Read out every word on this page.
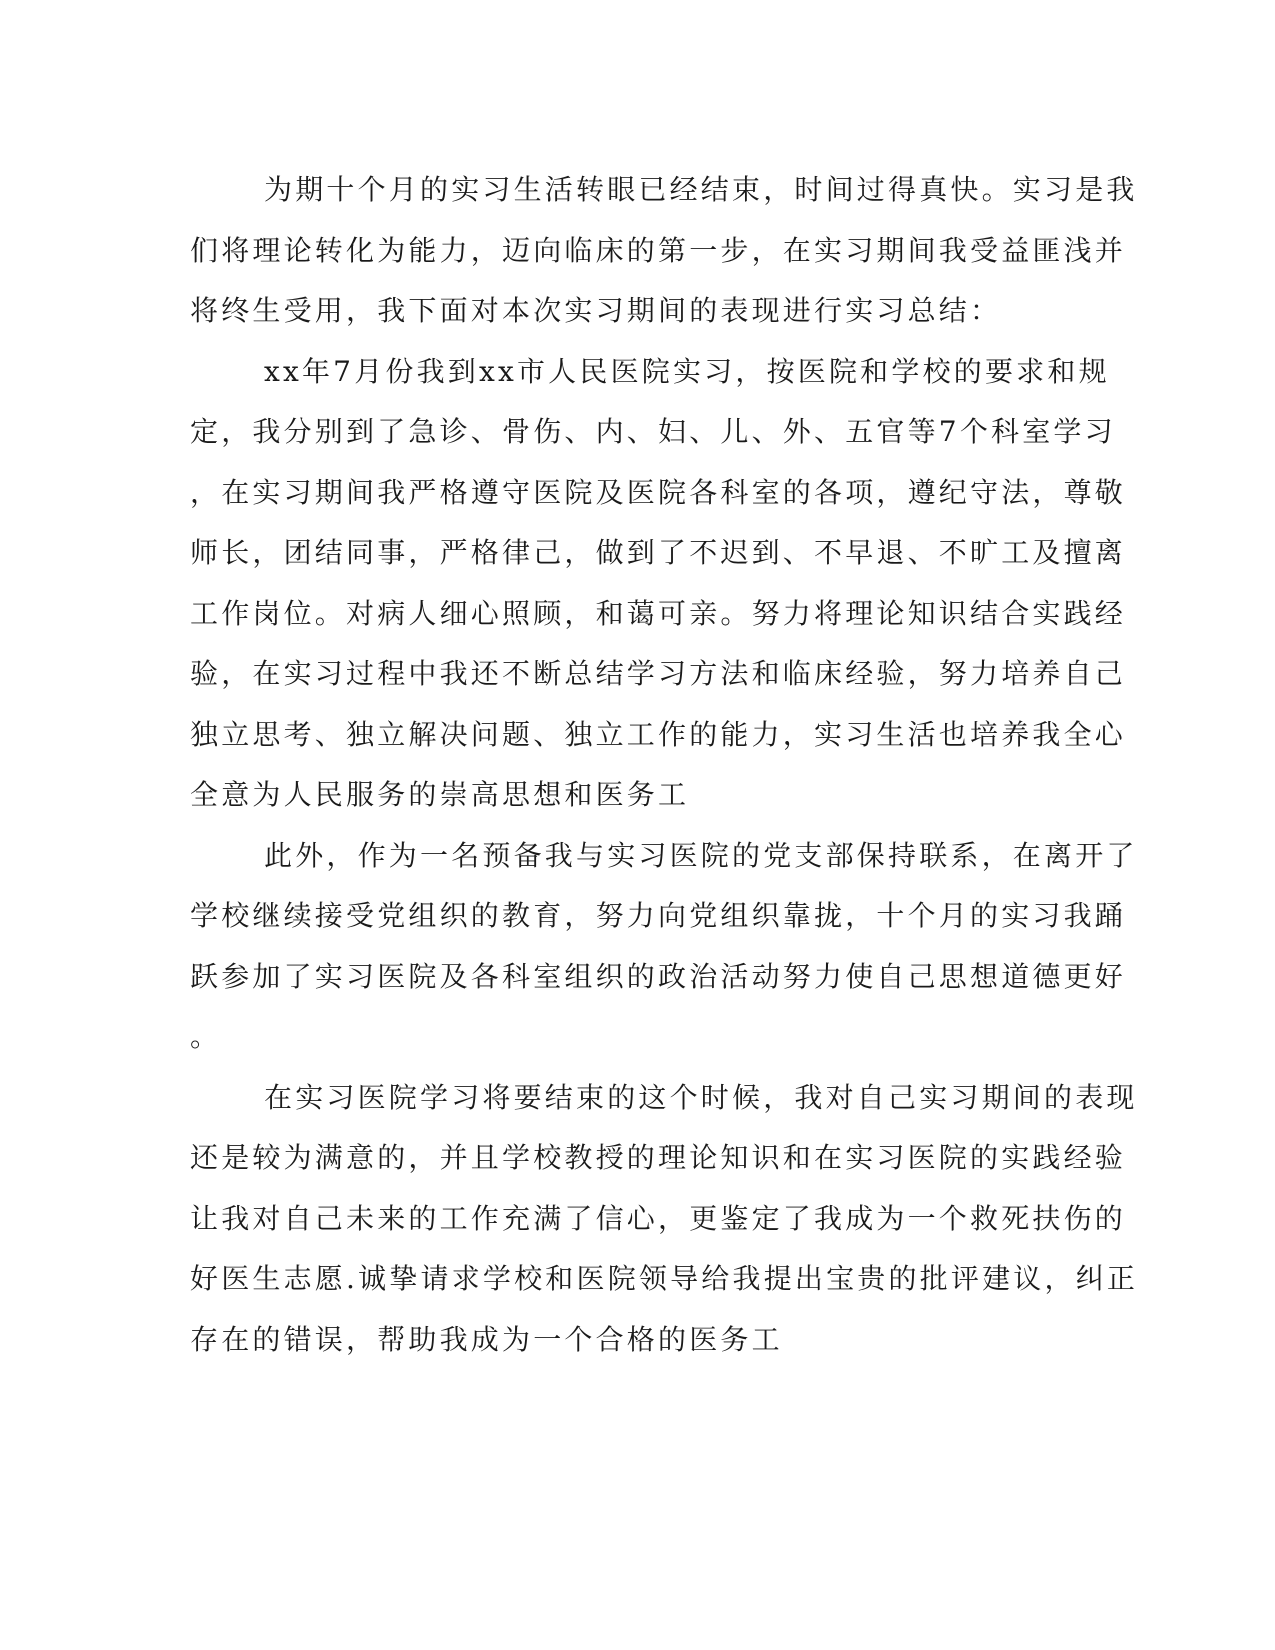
为期十个月的实习生活转眼已经结束，时间过得真快。实习是我
们将理论转化为能力，迈向临床的第一步，在实习期间我受益匪浅并
将终生受用，我下面对本次实习期间的表现进行实习总结：

xx年7月份我到xx市人民医院实习，按医院和学校的要求和规
定，我分别到了急诊、骨伤、内、妇、儿、外、五官等7个科室学习
，在实习期间我严格遵守医院及医院各科室的各项，遵纪守法，尊敬
师长，团结同事，严格律己，做到了不迟到、不早退、不旷工及擅离
工作岗位。对病人细心照顾，和蔼可亲。努力将理论知识结合实践经
验，在实习过程中我还不断总结学习方法和临床经验，努力培养自己
独立思考、独立解决问题、独立工作的能力，实习生活也培养我全心
全意为人民服务的崇高思想和医务工

此外，作为一名预备我与实习医院的党支部保持联系，在离开了
学校继续接受党组织的教育，努力向党组织靠拢，十个月的实习我踊
跃参加了实习医院及各科室组织的政治活动努力使自己思想道德更好
。

在实习医院学习将要结束的这个时候，我对自己实习期间的表现
还是较为满意的，并且学校教授的理论知识和在实习医院的实践经验
让我对自己未来的工作充满了信心，更鉴定了我成为一个救死扶伤的
好医生志愿.诚挚请求学校和医院领导给我提出宝贵的批评建议，纠正
存在的错误，帮助我成为一个合格的医务工
